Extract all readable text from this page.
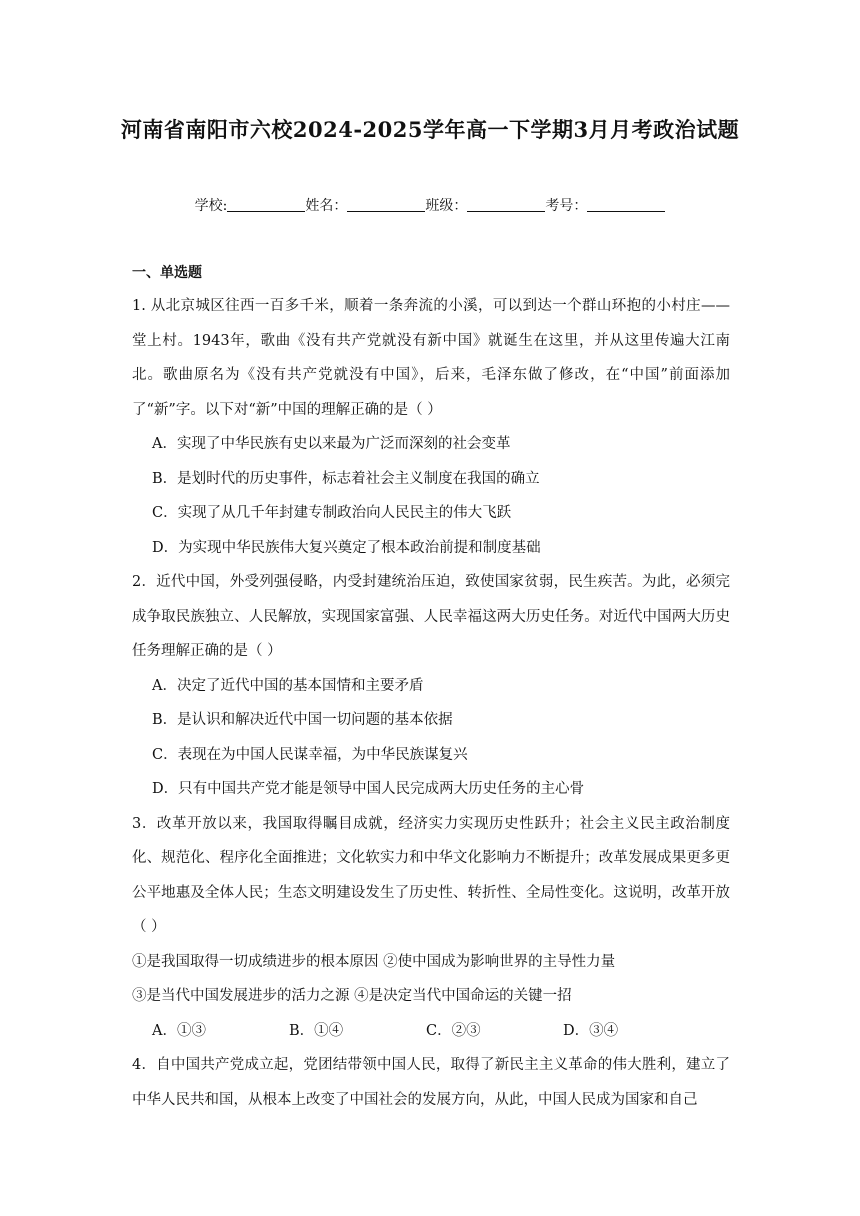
河南省南阳市六校2024-2025学年高一下学期3月月考政治试题
学校:	姓名：	班级：	考号：
一、单选题

1. 从北京城区往西一百多千米，顺着一条奔流的小溪，可以到达一个群山环抱的小村庄——堂上村。1943年，歌曲《没有共产党就没有新中国》就诞生在这里，并从这里传遍大江南北。歌曲原名为《没有共产党就没有中国》，后来，毛泽东做了修改，在“中国”前面添加了“新”字。以下对“新”中国的理解正确的是（ ）

A．实现了中华民族有史以来最为广泛而深刻的社会变革

B．是划时代的历史事件，标志着社会主义制度在我国的确立

C．实现了从几千年封建专制政治向人民民主的伟大飞跃

D．为实现中华民族伟大复兴奠定了根本政治前提和制度基础

2．近代中国，外受列强侵略，内受封建统治压迫，致使国家贫弱，民生疾苦。为此，必须完成争取民族独立、人民解放，实现国家富强、人民幸福这两大历史任务。对近代中国两大历史任务理解正确的是（ ）

A．决定了近代中国的基本国情和主要矛盾

B．是认识和解决近代中国一切问题的基本依据

C．表现在为中国人民谋幸福，为中华民族谋复兴

D．只有中国共产党才能是领导中国人民完成两大历史任务的主心骨

3．改革开放以来，我国取得瞩目成就，经济实力实现历史性跃升；社会主义民主政治制度化、规范化、程序化全面推进；文化软实力和中华文化影响力不断提升；改革发展成果更多更公平地惠及全体人民；生态文明建设发生了历史性、转折性、全局性变化。这说明，改革开放（ ）

①是我国取得一切成绩进步的根本原因 ②使中国成为影响世界的主导性力量

③是当代中国发展进步的活力之源 ④是决定当代中国命运的关键一招

A．①③	B．①④	C．②③	D．③④

4．自中国共产党成立起，党团结带领中国人民，取得了新民主主义革命的伟大胜利，建立了中华人民共和国，从根本上改变了中国社会的发展方向，从此，中国人民成为国家和自己
